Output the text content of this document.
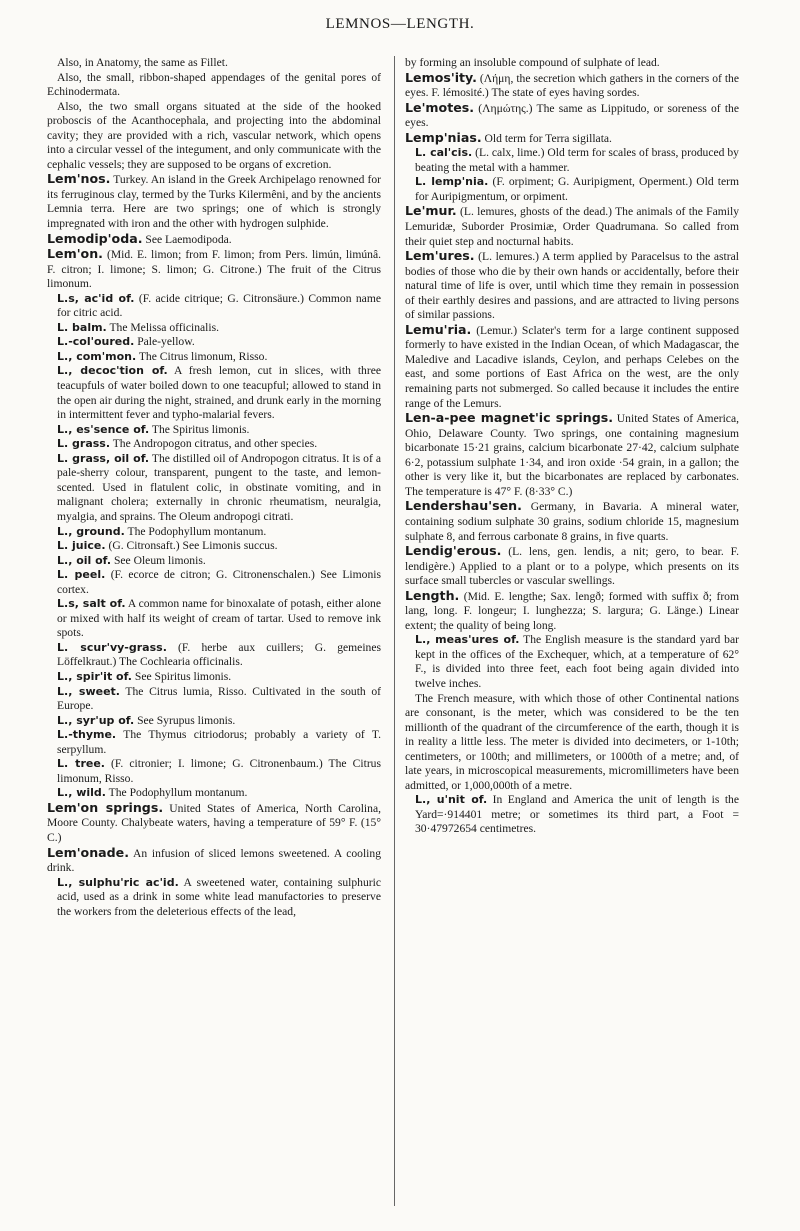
LEMNOS—LENGTH.

Also, in Anatomy, the same as Fillet.

Also, the small, ribbon-shaped appendages of the genital pores of Echinodermata.

Also, the two small organs situated at the side of the hooked proboscis of the Acanthocephala, and projecting into the abdominal cavity; they are provided with a rich, vascular network, which opens into a circular vessel of the integument, and only communicate with the cephalic vessels; they are supposed to be organs of excretion.

Lem'nos. Turkey. An island in the Greek Archipelago renowned for its ferruginous clay, termed by the Turks Kilermêni, and by the ancients Lemnia terra. Here are two springs; one of which is strongly impregnated with iron and the other with hydrogen sulphide.

Lemodip'oda. See Laemodipoda.

Lem'on. (Mid. E. limon; from F. limon; from Pers. limún, limúnâ. F. citron; I. limone; S. limon; G. Citrone.) The fruit of the Citrus limonum.

L.s, ac'id of. (F. acide citrique; G. Citronsäure.) Common name for citric acid.

L. balm. The Melissa officinalis.

L.-col'oured. Pale-yellow.

L., com'mon. The Citrus limonum, Risso.

L., decoc'tion of. A fresh lemon, cut in slices, with three teacupfuls of water boiled down to one teacupful; allowed to stand in the open air during the night, strained, and drunk early in the morning in intermittent fever and typho-malarial fevers.

L., es'sence of. The Spiritus limonis.

L. grass. The Andropogon citratus, and other species.

L. grass, oil of. The distilled oil of Andropogon citratus. It is of a pale-sherry colour, transparent, pungent to the taste, and lemon-scented. Used in flatulent colic, in obstinate vomiting, and in malignant cholera; externally in chronic rheumatism, neuralgia, myalgia, and sprains. The Oleum andropogi citrati.

L., ground. The Podophyllum montanum.

L. juice. (G. Citronsaft.) See Limonis succus.

L., oil of. See Oleum limonis.

L. peel. (F. ecorce de citron; G. Citronenschalen.) See Limonis cortex.

L.s, salt of. A common name for binoxalate of potash, either alone or mixed with half its weight of cream of tartar. Used to remove ink spots.

L. scur'vy-grass. (F. herbe aux cuillers; G. gemeines Löffelkraut.) The Cochlearia officinalis.

L., spir'it of. See Spiritus limonis.

L., sweet. The Citrus lumia, Risso. Cultivated in the south of Europe.

L., syr'up of. See Syrupus limonis.

L.-thyme. The Thymus citriodorus; probably a variety of T. serpyllum.

L. tree. (F. citronier; I. limone; G. Citronenbaum.) The Citrus limonum, Risso.

L., wild. The Podophyllum montanum.

Lem'on springs. United States of America, North Carolina, Moore County. Chalybeate waters, having a temperature of 59° F. (15° C.)

Lem'onade. An infusion of sliced lemons sweetened. A cooling drink.

L., sulphu'ric ac'id. A sweetened water, containing sulphuric acid, used as a drink in some white lead manufactories to preserve the workers from the deleterious effects of the lead,

by forming an insoluble compound of sulphate of lead.

Lemos'ity. (Λήμη, the secretion which gathers in the corners of the eyes. F. lémosité.) The state of eyes having sordes.

Le'motes. (Λημώτης.) The same as Lippitudo, or soreness of the eyes.

Lemp'nias. Old term for Terra sigillata.

L. cal'cis. (L. calx, lime.) Old term for scales of brass, produced by beating the metal with a hammer.

L. lemp'nia. (F. orpiment; G. Auripigment, Operment.) Old term for Auripigmentum, or orpiment.

Le'mur. (L. lemures, ghosts of the dead.) The animals of the Family Lemuridæ, Suborder Prosimiæ, Order Quadrumana. So called from their quiet step and nocturnal habits.

Lem'ures. (L. lemures.) A term applied by Paracelsus to the astral bodies of those who die by their own hands or accidentally, before their natural time of life is over, until which time they remain in possession of their earthly desires and passions, and are attracted to living persons of similar passions.

Lemu'ria. (Lemur.) Sclater's term for a large continent supposed formerly to have existed in the Indian Ocean, of which Madagascar, the Maledive and Lacadive islands, Ceylon, and perhaps Celebes on the east, and some portions of East Africa on the west, are the only remaining parts not submerged. So called because it includes the entire range of the Lemurs.

Len-a-pee magnet'ic springs. United States of America, Ohio, Delaware County. Two springs, one containing magnesium bicarbonate 15·21 grains, calcium bicarbonate 27·42, calcium sulphate 6·2, potassium sulphate 1·34, and iron oxide ·54 grain, in a gallon; the other is very like it, but the bicarbonates are replaced by carbonates. The temperature is 47° F. (8·33° C.)

Lendershau'sen. Germany, in Bavaria. A mineral water, containing sodium sulphate 30 grains, sodium chloride 15, magnesium sulphate 8, and ferrous carbonate 8 grains, in five quarts.

Lendig'erous. (L. lens, gen. lendis, a nit; gero, to bear. F. lendigère.) Applied to a plant or to a polype, which presents on its surface small tubercles or vascular swellings.

Length. (Mid. E. lengthe; Sax. lengð; formed with suffix ð; from lang, long. F. longeur; I. lunghezza; S. largura; G. Länge.) Linear extent; the quality of being long.

L., meas'ures of. The English measure is the standard yard bar kept in the offices of the Exchequer, which, at a temperature of 62° F., is divided into three feet, each foot being again divided into twelve inches.

The French measure, with which those of other Continental nations are consonant, is the meter, which was considered to be the ten millionth of the quadrant of the circumference of the earth, though it is in reality a little less. The meter is divided into decimeters, or 1-10th; centimeters, or 100th; and millimeters, or 1000th of a metre; and, of late years, in microscopical measurements, micromillimeters have been admitted, or 1,000,000th of a metre.

L., u'nit of. In England and America the unit of length is the Yard=·914401 metre; or sometimes its third part, a Foot = 30·47972654 centimetres.
